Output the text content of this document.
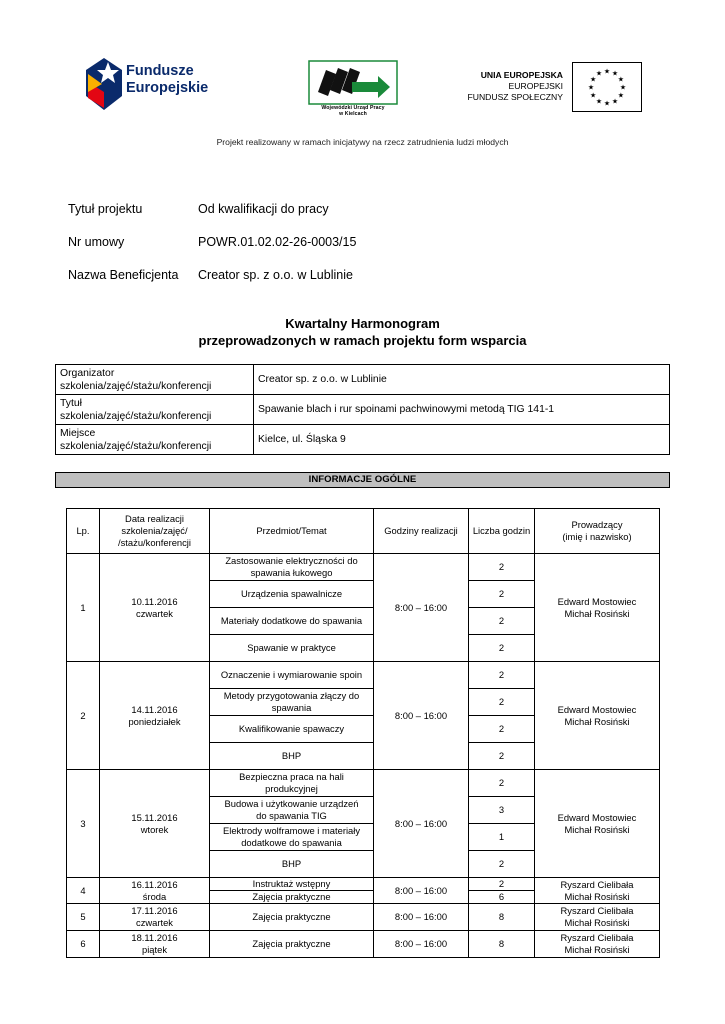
Fundusze
Europejskie
Wojewódzki Urząd Pracy
w Kielcach
UNIA EUROPEJSKA
EUROPEJSKI
FUNDUSZ SPOŁECZNY
★
★
★
★
★
★
★
★
★ ★ ★
★
Projekt realizowany w ramach inicjatywy na rzecz zatrudnienia ludzi młodych
Tytuł projektu	Od kwalifikacji do pracy
Nr umowy	POWR.01.02.02-26-0003/15
Nazwa Beneficjenta Creator sp. z o.o. w Lublinie
Kwartalny Harmonogram
przeprowadzonych w ramach projektu form wsparcia
Organizator
szkolenia/zajęć/stażu/konferencji	Creator sp. z o.o. w Lublinie

Tytuł
szkolenia/zajęć/stażu/konferencji	Spawanie blach i rur spoinami pachwinowymi metodą TIG 141-1

Miejsce
szkolenia/zajęć/stażu/konferencji	Kielce, ul. Śląska 9
INFORMACJE OGÓLNE
Lp.	Data realizacji
szkolenia/zajęć/
/stażu/konferencji	Przedmiot/Temat	Godziny realizacji	Liczba godzin	Prowadzący
(imię i nazwisko)

1	10.11.2016
czwartek	Zastosowanie elektryczności do
spawania łukowego	8:00 – 16:00	2	Edward Mostowiec
Michał Rosiński

		Urządzenia spawalnicze		2	

		Materiały dodatkowe do spawania		2	

		Spawanie w praktyce		2	
2	14.11.2016
poniedziałek	Oznaczenie i wymiarowanie spoin	8:00 – 16:00	2	Edward Mostowiec
Michał Rosiński

		Metody przygotowania złączy do
spawania		2	

		Kwalifikowanie spawaczy		2	

		BHP		2	
3	15.11.2016
wtorek	Bezpieczna praca na hali
produkcyjnej	8:00 – 16:00	2	Edward Mostowiec
Michał Rosiński

		Budowa i użytkowanie urządzeń
do spawania TIG		3	

		Elektrody wolframowe i materiały
dodatkowe do spawania		1	

		BHP		2	
4	16.11.2016
środa	Instruktaż wstępny	8:00 – 16:00	2	Ryszard Cielibała
Michał Rosiński

		Zajęcia praktyczne		6	
5	17.11.2016
czwartek	Zajęcia praktyczne	8:00 – 16:00	8	Ryszard Cielibała
Michał Rosiński

6	18.11.2016
piątek	Zajęcia praktyczne	8:00 – 16:00	8	Ryszard Cielibała
Michał Rosiński
